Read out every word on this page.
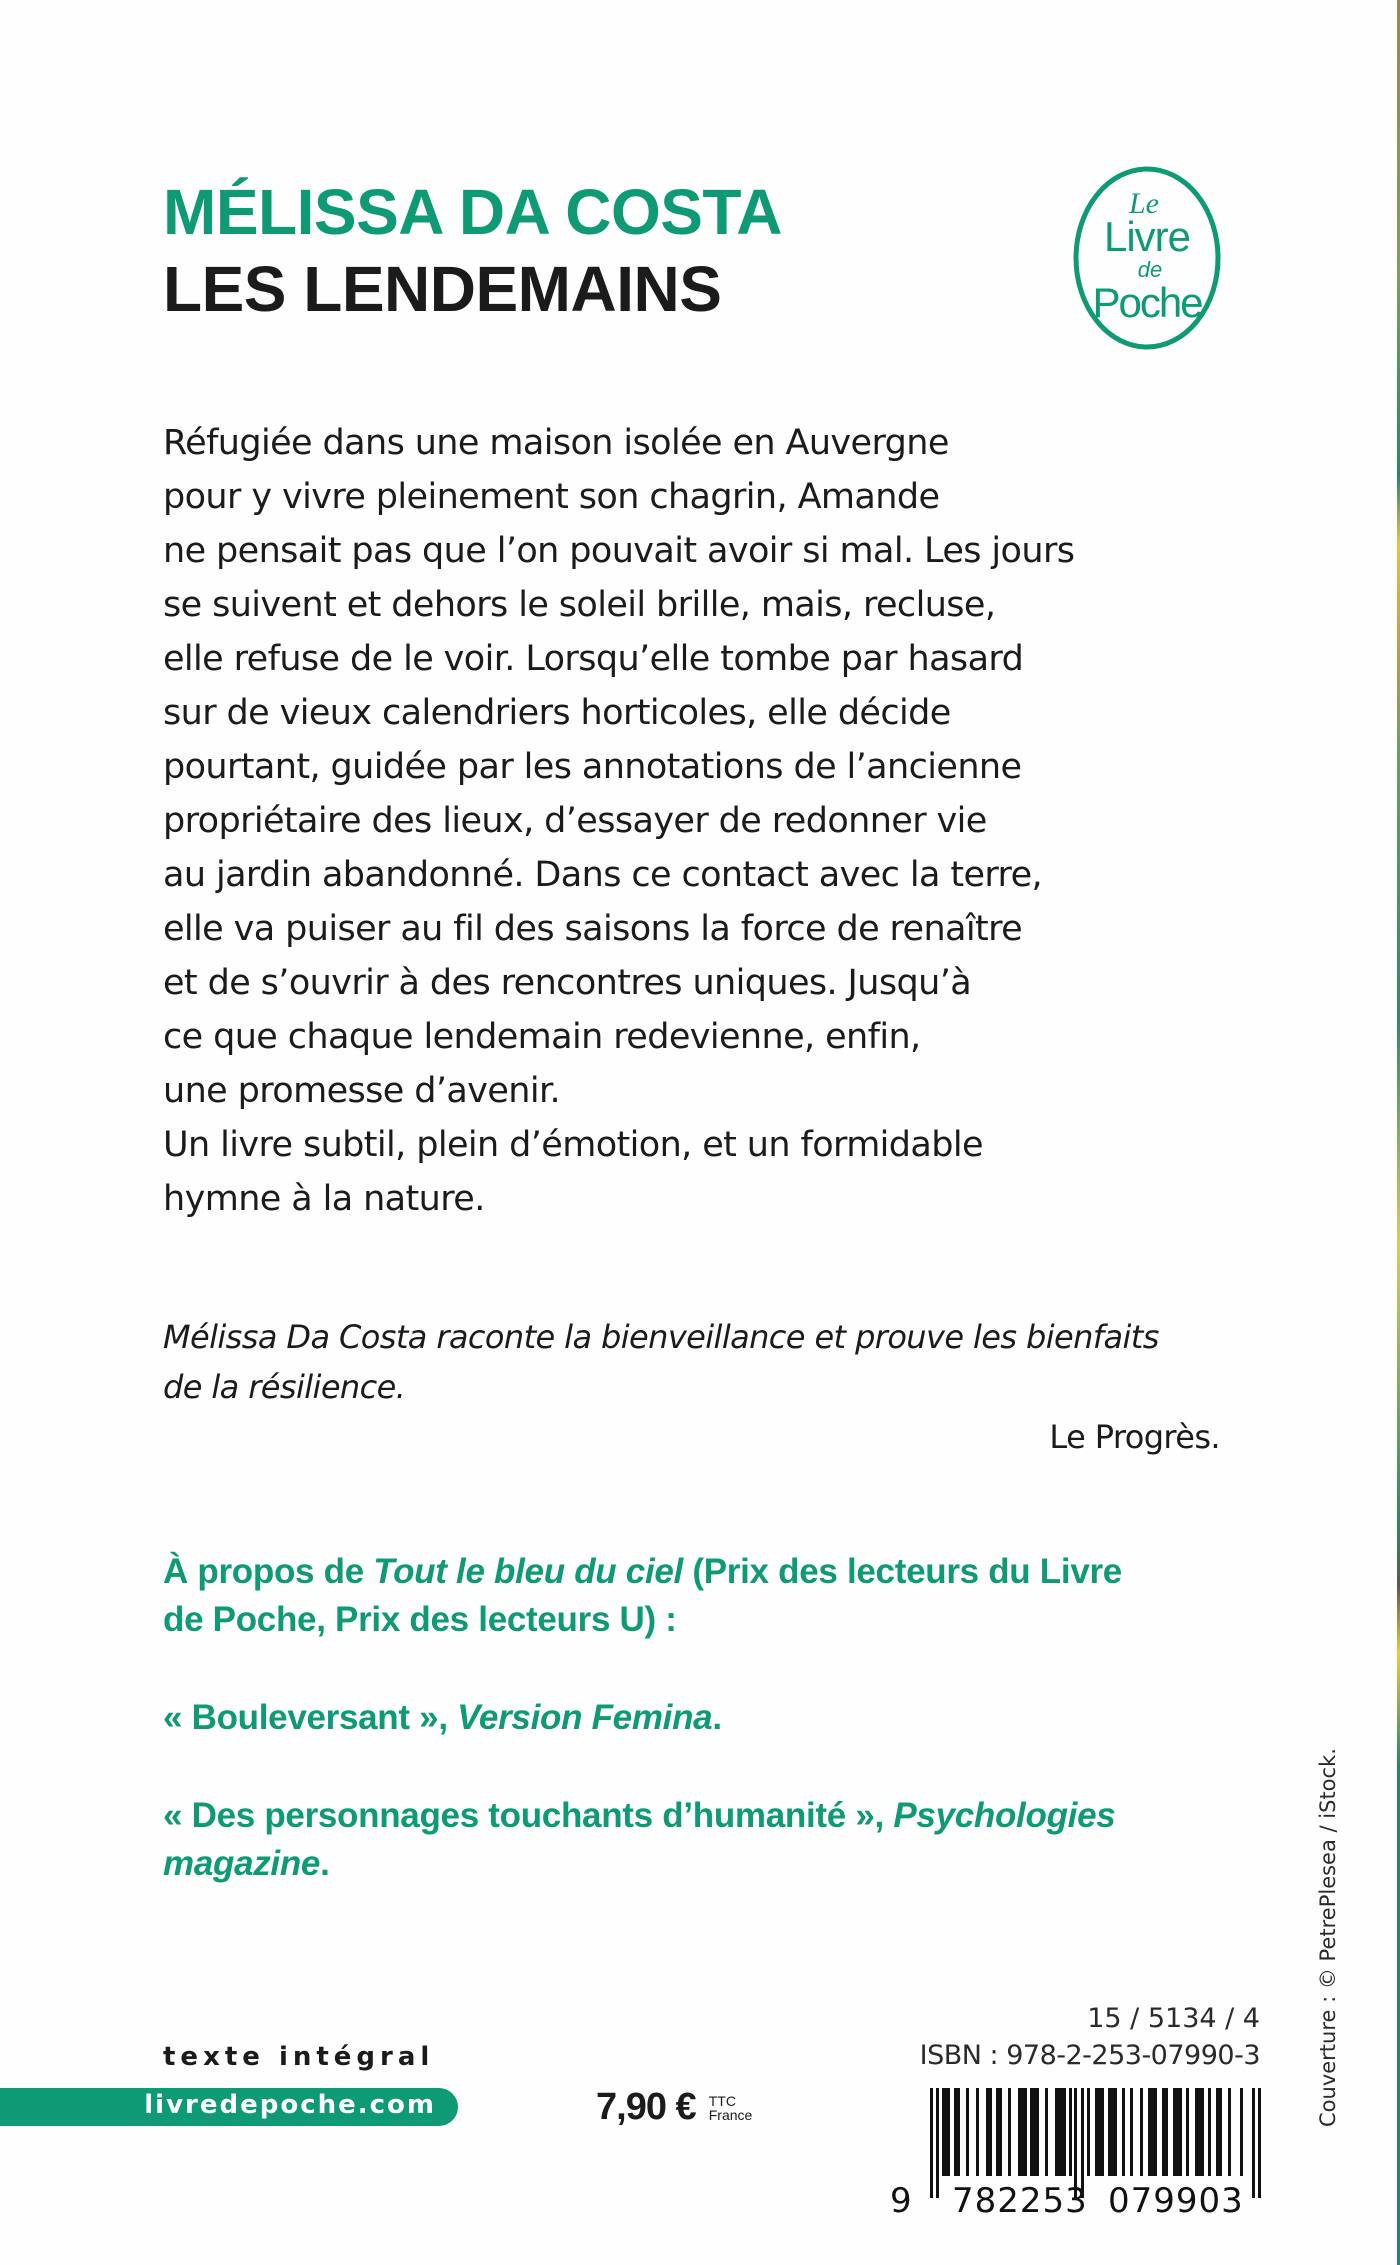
MÉLISSA DA COSTA
LES LENDEMAINS
Le
Livre
de
Poche
Réfugiée dans une maison isolée en Auvergne
pour y vivre pleinement son chagrin, Amande
ne pensait pas que l’on pouvait avoir si mal. Les jours
se suivent et dehors le soleil brille, mais, recluse,
elle refuse de le voir. Lorsqu’elle tombe par hasard
sur de vieux calendriers horticoles, elle décide
pourtant, guidée par les annotations de l’ancienne
propriétaire des lieux, d’essayer de redonner vie
au jardin abandonné. Dans ce contact avec la terre,
elle va puiser au fil des saisons la force de renaître
et de s’ouvrir à des rencontres uniques. Jusqu’à
ce que chaque lendemain redevienne, enfin,
une promesse d’avenir.
Un livre subtil, plein d’émotion, et un formidable
hymne à la nature.
Mélissa Da Costa raconte la bienveillance et prouve les bienfaits
de la résilience.
Le Progrès.
À propos de Tout le bleu du ciel (Prix des lecteurs du Livre
de Poche, Prix des lecteurs U) :
« Bouleversant », Version Femina.
« Des personnages touchants d’humanité », Psychologies
magazine.
texte intégral
livredepoche.com	7,90 € TTC
France
15 / 5134 / 4
ISBN : 978-2-253-07990-3
9 782253 079903
Couverture : © PetrePlesea / iStock.
